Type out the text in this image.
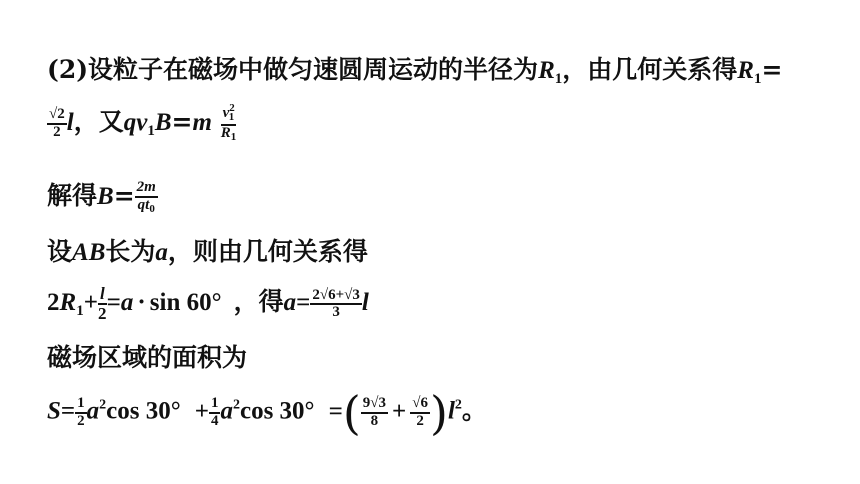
(2)设粒子在磁场中做匀速圆周运动的半径为$R_1$，由几何关系得$R_1=$
$\frac{√2}{2}$ l，又$qv_1B=m \frac{v^2_1}{R_1}$
解得$B= \frac{2m}{qt_0}$
设AB长为a，则由几何关系得
$2R_1+ \frac{l}{2} =a \cdot \sin 60^\circ$ ，得$a= \frac{2√6+√3}{3}$ l
磁场区域的面积为
$S= \frac{1}{2} a^2\cos$ $30^\circ + \frac{1}{4} a^2\cos$ 30° =( $\frac{9√3}{8} + \frac{√6}{2} )l^2$。
